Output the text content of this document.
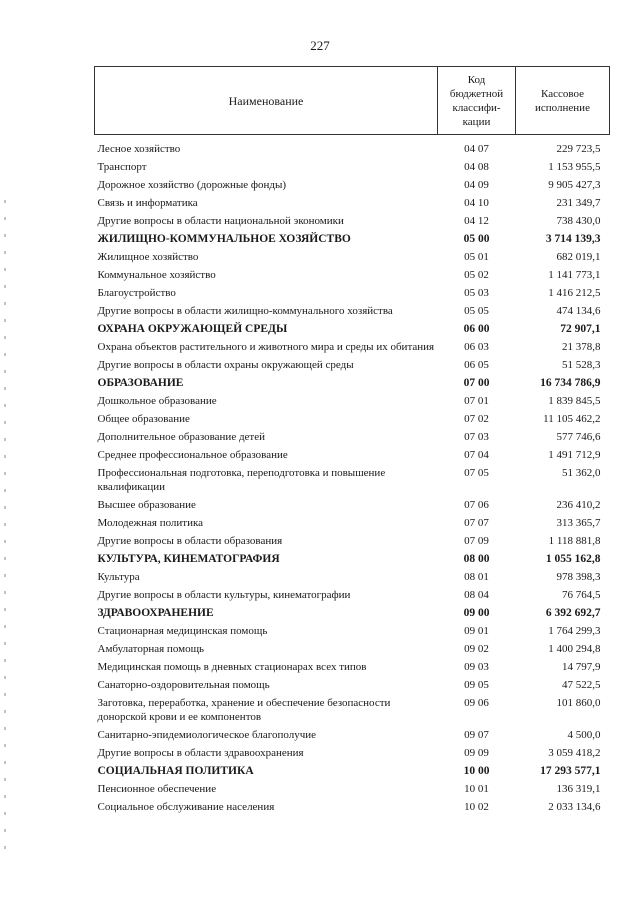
227
Наименование	Код бюджетной классифи-кации	Кассовое исполнение
Лесное хозяйство	04 07	229 723,5
Транспорт	04 08	1 153 955,5
Дорожное хозяйство (дорожные фонды)	04 09	9 905 427,3
Связь и информатика	04 10	231 349,7
Другие вопросы в области национальной экономики	04 12	738 430,0
ЖИЛИЩНО-КОММУНАЛЬНОЕ ХОЗЯЙСТВО	05 00	3 714 139,3
Жилищное хозяйство	05 01	682 019,1
Коммунальное хозяйство	05 02	1 141 773,1
Благоустройство	05 03	1 416 212,5
Другие вопросы в области жилищно-коммунального хозяйства	05 05	474 134,6
ОХРАНА ОКРУЖАЮЩЕЙ СРЕДЫ	06 00	72 907,1
Охрана объектов растительного и животного мира и среды их обитания	06 03	21 378,8
Другие вопросы в области охраны окружающей среды	06 05	51 528,3
ОБРАЗОВАНИЕ	07 00	16 734 786,9
Дошкольное образование	07 01	1 839 845,5
Общее образование	07 02	11 105 462,2
Дополнительное образование детей	07 03	577 746,6
Среднее профессиональное образование	07 04	1 491 712,9
Профессиональная подготовка, переподготовка и повышение квалификации	07 05	51 362,0
Высшее образование	07 06	236 410,2
Молодежная политика	07 07	313 365,7
Другие вопросы в области образования	07 09	1 118 881,8
КУЛЬТУРА, КИНЕМАТОГРАФИЯ	08 00	1 055 162,8
Культура	08 01	978 398,3
Другие вопросы в области культуры, кинематографии	08 04	76 764,5
ЗДРАВООХРАНЕНИЕ	09 00	6 392 692,7
Стационарная медицинская помощь	09 01	1 764 299,3
Амбулаторная помощь	09 02	1 400 294,8
Медицинская помощь в дневных стационарах всех типов	09 03	14 797,9
Санаторно-оздоровительная помощь	09 05	47 522,5
Заготовка, переработка, хранение и обеспечение безопасности донорской крови и ее компонентов	09 06	101 860,0
Санитарно-эпидемиологическое благополучие	09 07	4 500,0
Другие вопросы в области здравоохранения	09 09	3 059 418,2
СОЦИАЛЬНАЯ ПОЛИТИКА	10 00	17 293 577,1
Пенсионное обеспечение	10 01	136 319,1
Социальное обслуживание населения	10 02	2 033 134,6
